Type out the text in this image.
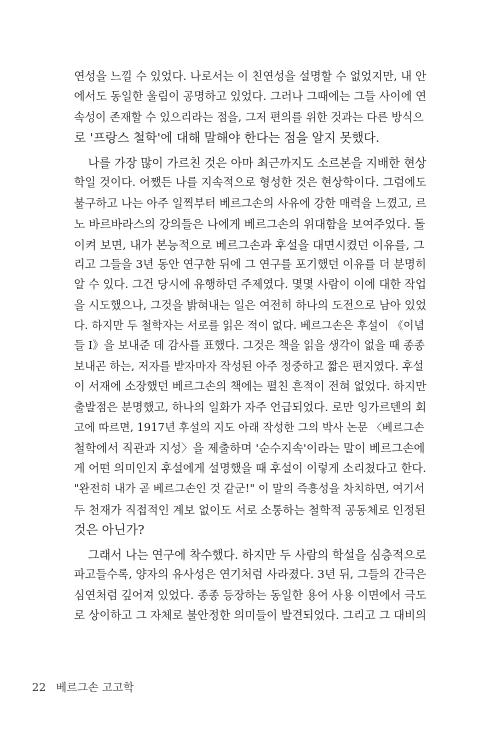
연성을 느낄 수 있었다. 나로서는 이 친연성을 설명할 수 없었지만, 내 안

에서도 동일한 울림이 공명하고 있었다. 그러나 그때에는 그들 사이에 연

속성이 존재할 수 있으리라는 점을, 그저 편의를 위한 것과는 다른 방식으

로 '프랑스 철학'에 대해 말해야 한다는 점을 알지 못했다.

나를 가장 많이 가르친 것은 아마 최근까지도 소르본을 지배한 현상

학일 것이다. 어쨌든 나를 지속적으로 형성한 것은 현상학이다. 그럼에도

불구하고 나는 아주 일찍부터 베르그손의 사유에 강한 매력을 느꼈고, 르

노 바르바라스의 강의들은 나에게 베르그손의 위대함을 보여주었다. 돌

이켜 보면, 내가 본능적으로 베르그손과 후설을 대면시켰던 이유를, 그

리고 그들을 3년 동안 연구한 뒤에 그 연구를 포기했던 이유를 더 분명히

알 수 있다. 그건 당시에 유행하던 주제였다. 몇몇 사람이 이에 대한 작업

을 시도했으나, 그것을 밝혀내는 일은 여전히 하나의 도전으로 남아 있었

다. 하지만 두 철학자는 서로를 읽은 적이 없다. 베르그손은 후설이 《이념

들 I》을 보내준 데 감사를 표했다. 그것은 책을 읽을 생각이 없을 때 종종

보내곤 하는, 저자를 받자마자 작성된 아주 정중하고 짧은 편지였다. 후설

이 서재에 소장했던 베르그손의 책에는 펼친 흔적이 전혀 없었다. 하지만

출발점은 분명했고, 하나의 일화가 자주 언급되었다. 로만 잉가르덴의 회

고에 따르면, 1917년 후설의 지도 아래 작성한 그의 박사 논문 〈베르그손

철학에서 직관과 지성〉을 제출하며 '순수지속'이라는 말이 베르그손에

게 어떤 의미인지 후설에게 설명했을 때 후설이 이렇게 소리쳤다고 한다.

"완전히 내가 곧 베르그손인 것 같군!" 이 말의 즉흥성을 차치하면, 여기서

두 천재가 직접적인 계보 없이도 서로 소통하는 철학적 공동체로 인정된

것은 아닌가?

그래서 나는 연구에 착수했다. 하지만 두 사람의 학설을 심층적으로

파고들수록, 양자의 유사성은 연기처럼 사라졌다. 3년 뒤, 그들의 간극은

심연처럼 깊어져 있었다. 종종 등장하는 동일한 용어 사용 이면에서 극도

로 상이하고 그 자체로 불안정한 의미들이 발견되었다. 그리고 그 대비의

22 베르그손 고고학
